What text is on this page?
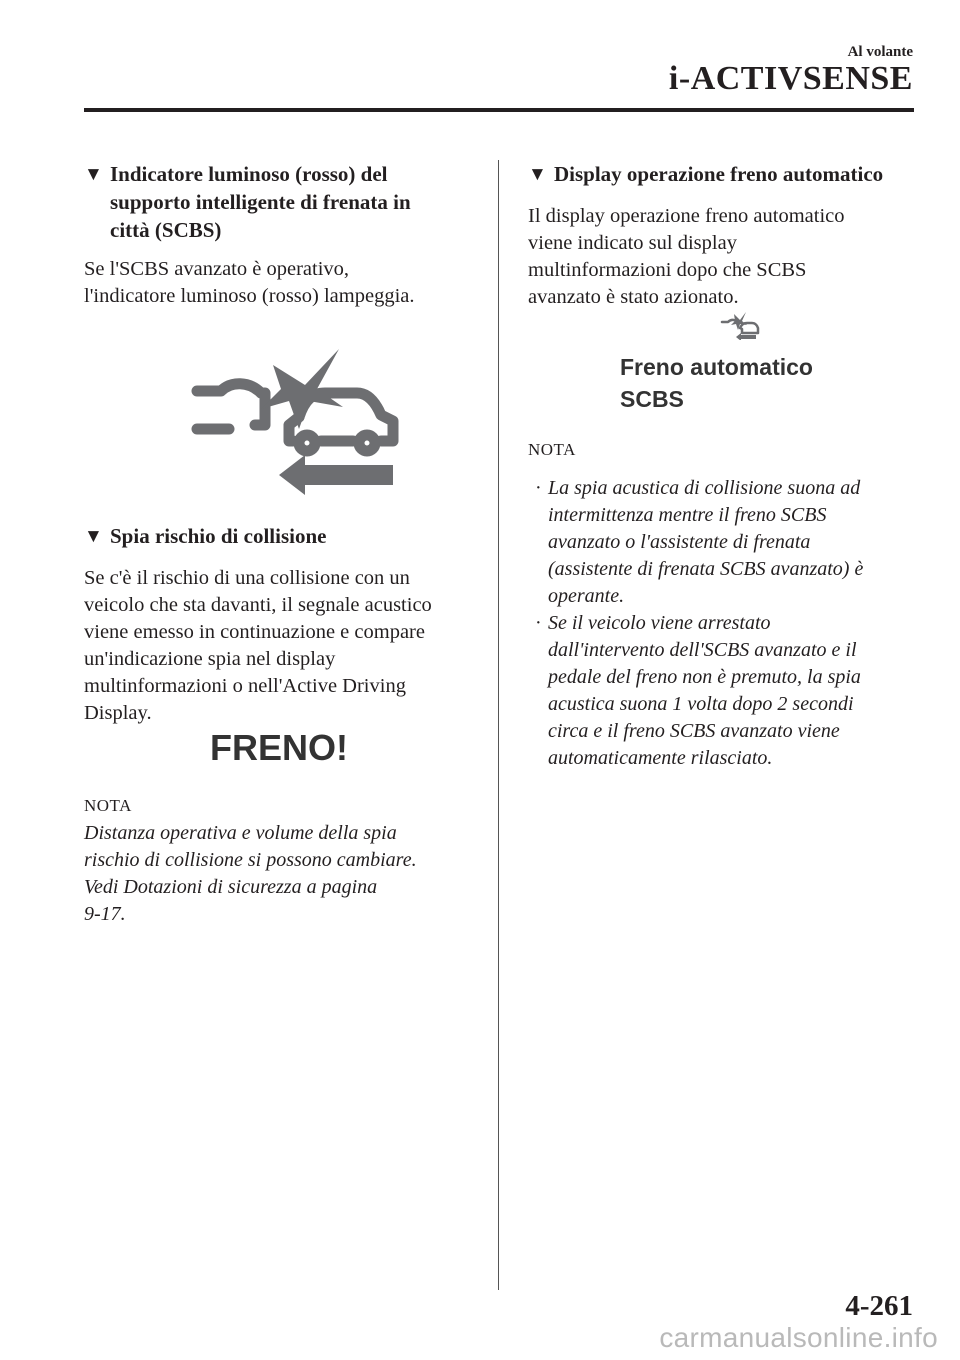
Al volante
i-ACTIVSENSE
▼ Indicatore luminoso (rosso) del
supporto intelligente di frenata in
città (SCBS)
Se l'SCBS avanzato è operativo,
l'indicatore luminoso (rosso) lampeggia.
▼ Spia rischio di collisione
Se c'è il rischio di una collisione con un
veicolo che sta davanti, il segnale acustico
viene emesso in continuazione e compare
un'indicazione spia nel display
multinformazioni o nell'Active Driving
Display.
FRENO!
NOTA
Distanza operativa e volume della spia
rischio di collisione si possono cambiare.
Vedi Dotazioni di sicurezza a pagina
9-17.
▼ Display operazione freno automatico
Il display operazione freno automatico
viene indicato sul display
multinformazioni dopo che SCBS
avanzato è stato azionato.
Freno automatico
SCBS
NOTA
· La spia acustica di collisione suona ad
intermittenza mentre il freno SCBS
avanzato o l'assistente di frenata
(assistente di frenata SCBS avanzato) è
operante.
· Se il veicolo viene arrestato
dall'intervento dell'SCBS avanzato e il
pedale del freno non è premuto, la spia
acustica suona 1 volta dopo 2 secondi
circa e il freno SCBS avanzato viene
automaticamente rilasciato.
4-261
carmanualsonline.info
